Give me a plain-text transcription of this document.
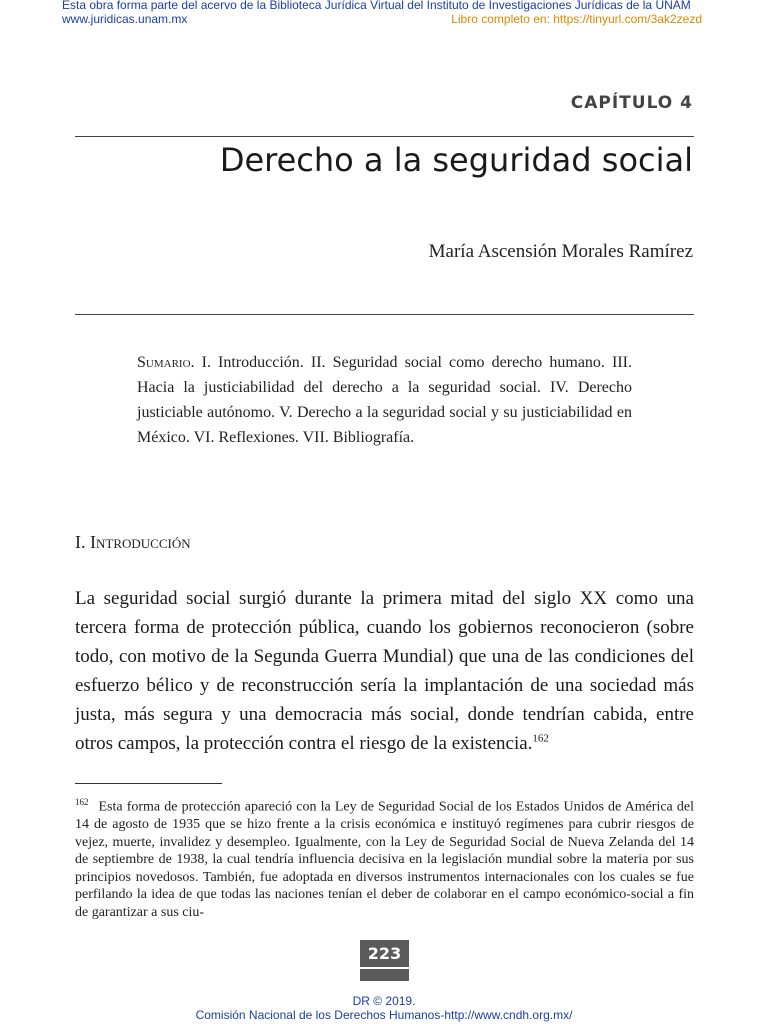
Esta obra forma parte del acervo de la Biblioteca Jurídica Virtual del Instituto de Investigaciones Jurídicas de la UNAM
www.juridicas.unam.mx	Libro completo en: https://tinyurl.com/3ak2zezd
CAPÍTULO 4
Derecho a la seguridad social
María Ascensión Morales Ramírez
Sumario. I. Introducción. II. Seguridad social como derecho humano. III. Hacia la justiciabilidad del derecho a la seguridad social. IV. Derecho justiciable autónomo. V. Derecho a la seguridad social y su justiciabilidad en México. VI. Reflexiones. VII. Bibliografía.
I. Introducción

La seguridad social surgió durante la primera mitad del siglo XX como una tercera forma de protección pública, cuando los gobiernos reconocieron (sobre todo, con motivo de la Segunda Guerra Mundial) que una de las condiciones del esfuerzo bélico y de reconstrucción sería la implantación de una sociedad más justa, más segura y una democracia más social, donde tendrían cabida, entre otros campos, la protección contra el riesgo de la existencia.$^{162}$

$^{162}$ Esta forma de protección apareció con la Ley de Seguridad Social de los Estados Unidos de América del 14 de agosto de 1935 que se hizo frente a la crisis económica e instituyó regímenes para cubrir riesgos de vejez, muerte, invalidez y desempleo. Igualmente, con la Ley de Seguridad Social de Nueva Zelanda del 14 de septiembre de 1938, la cual tendría influencia decisiva en la legislación mundial sobre la materia por sus principios novedosos. También, fue adoptada en diversos instrumentos internacionales con los cuales se fue perfilando la idea de que todas las naciones tenían el deber de colaborar en el campo económico-social a fin de garantizar a sus ciu-

223
DR © 2019.
Comisión Nacional de los Derechos Humanos-http://www.cndh.org.mx/
